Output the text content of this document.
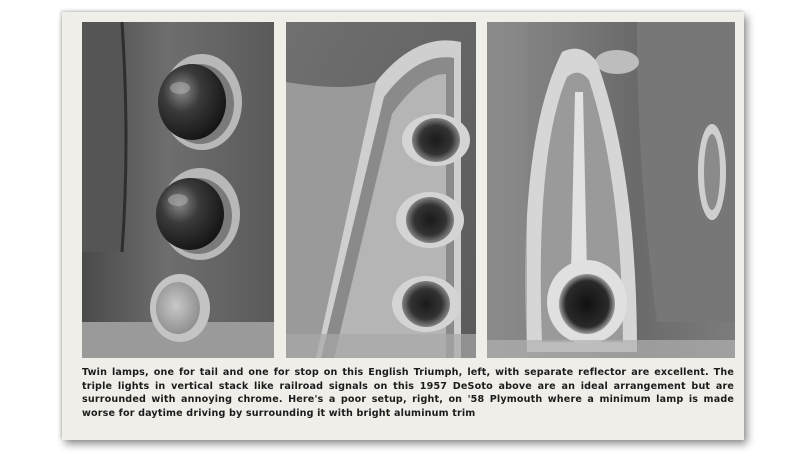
Twin lamps, one for tail and one for stop on this English Triumph, left, with separate reflector are excellent. The triple lights in vertical stack like railroad signals on this 1957 DeSoto above are an ideal arrangement but are surrounded with annoying chrome. Here's a poor setup, right, on '58 Plymouth where a minimum lamp is made worse for daytime driving by surrounding it with bright aluminum trim
